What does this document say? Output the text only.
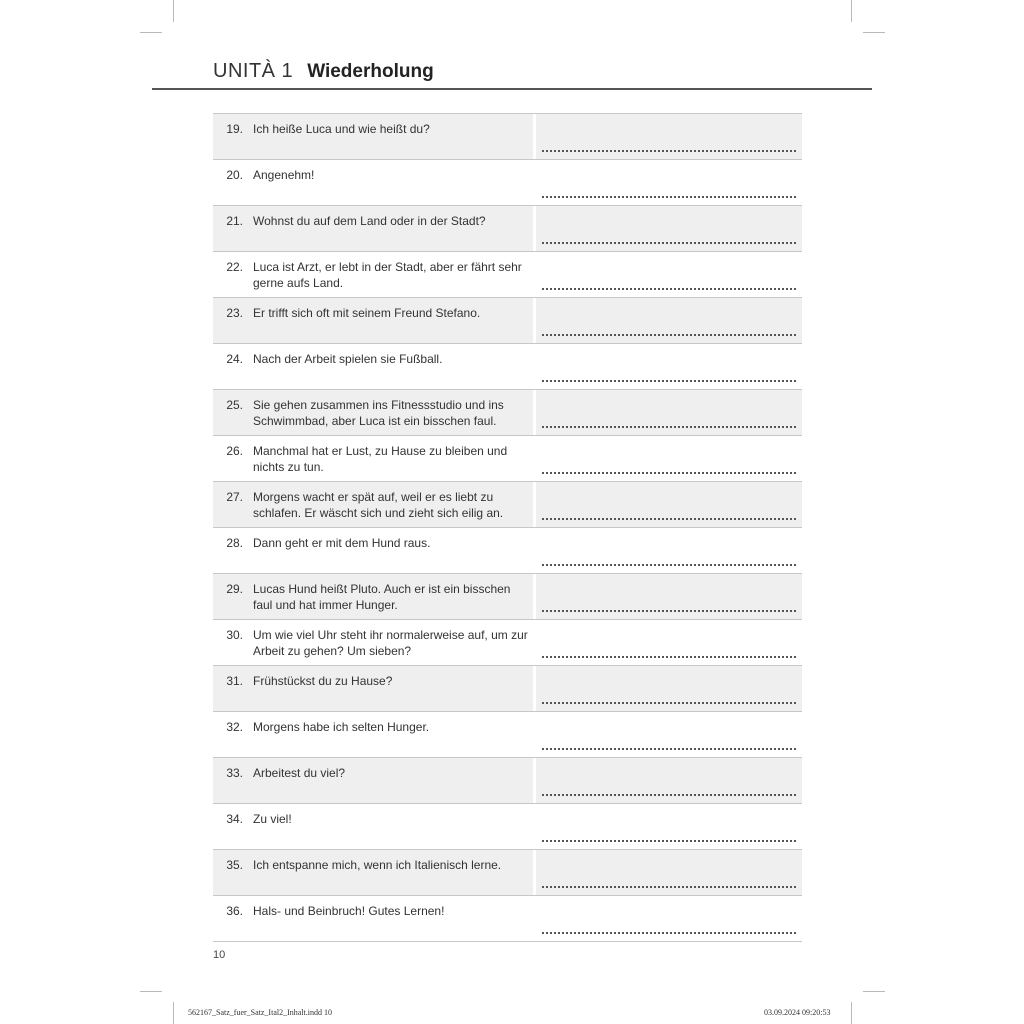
UNITÀ 1 Wiederholung
19. Ich heiße Luca und wie heißt du?
20. Angenehm!
21. Wohnst du auf dem Land oder in der Stadt?
22. Luca ist Arzt, er lebt in der Stadt, aber er fährt sehr gerne aufs Land.
23. Er trifft sich oft mit seinem Freund Stefano.
24. Nach der Arbeit spielen sie Fußball.
25. Sie gehen zusammen ins Fitnessstudio und ins Schwimmbad, aber Luca ist ein bisschen faul.
26. Manchmal hat er Lust, zu Hause zu bleiben und nichts zu tun.
27. Morgens wacht er spät auf, weil er es liebt zu schlafen. Er wäscht sich und zieht sich eilig an.
28. Dann geht er mit dem Hund raus.
29. Lucas Hund heißt Pluto. Auch er ist ein bisschen faul und hat immer Hunger.
30. Um wie viel Uhr steht ihr normalerweise auf, um zur Arbeit zu gehen? Um sieben?
31. Frühstückst du zu Hause?
32. Morgens habe ich selten Hunger.
33. Arbeitest du viel?
34. Zu viel!
35. Ich entspanne mich, wenn ich Italienisch lerne.
36. Hals- und Beinbruch! Gutes Lernen!
10
562167_Satz_fuer_Satz_Ital2_Inhalt.indd 10	03.09.2024 09:20:53
